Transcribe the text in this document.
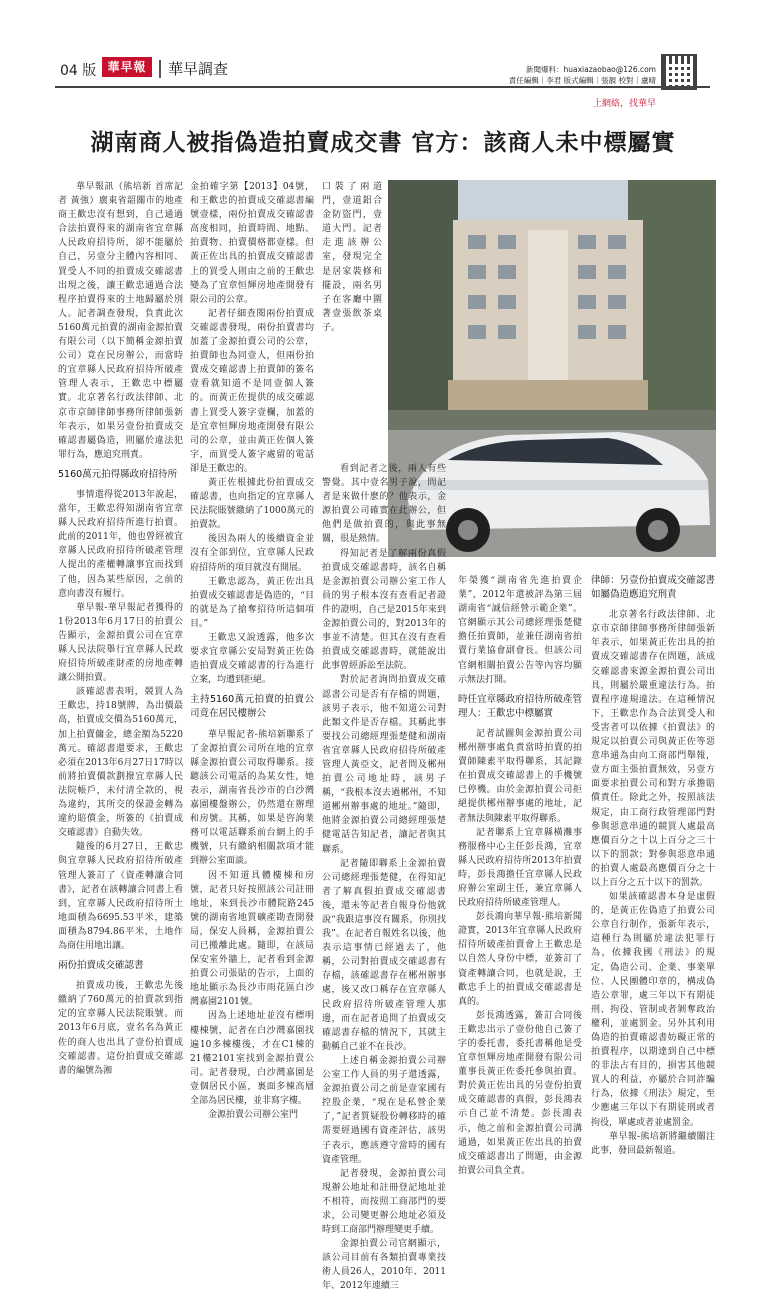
04 版 華早報	華早調查	新聞爆料：huaxiazaobao@126.com
責任編輯｜李君 版式編輯｜張靚 校對｜盧晴
上網絡，找華早
湖南商人被指偽造拍賣成交書 官方：該商人未中標屬實

華早報訊（熊培新 首席記者 黃強）廣東省韶關市的地產商王歡忠沒有想到，自己通過合法拍賣得來的湖南省宜章縣人民政府招待所，卻不能屬於自己，另壹分主體內容相同、買受人不同的拍賣成交確認書出現之後，讓王歡忠通過合法程序拍賣得來的土地歸屬於別人。記者調查發現，負責此次5160萬元拍賣的湖南金源拍賣有限公司（以下簡稱金源拍賣公司）竟在民房辦公，而當時的宜章縣人民政府招待所破產管理人表示，王歡忠中標屬實。北京著名行政法律師、北京市京師律師事務所律師張新年表示，如果另壹份拍賣成交確認書屬偽造，則屬於違法犯罪行為，應追究刑責。

5160萬元拍得縣政府招待所

事情還得從2013年說起，當年，王歡忠得知湖南省宜章縣人民政府招待所進行拍賣。此前的2011年，他也曾經被宜章縣人民政府招待所破產管理人提出的產權轉讓事宜而找到了他，因為某些原因，之前的意向書沒有履行。

華早報-華早報記者獲得的1份2013年6月17日的拍賣公告顯示，金源拍賣公司在宜章縣人民法院舉行宜章縣人民政府招待所破產財產的房地產轉讓公開拍賣。

該確認書表明，競買人為王歡忠，持18號牌，為出價最高，拍賣成交價為5160萬元，加上拍賣傭金，總金額為5220萬元。確認書還要求，王歡忠必須在2013年6月27日17時以前將拍賣價款劃撥宜章縣人民法院帳戶，未付清全款的，視為違約，其所交的保證金轉為違約賠償金，所簽的《拍賣成交確認書》自動失效。

隨後的6月27日，王歡忠與宜章縣人民政府招待所破產管理人簽訂了《資產轉讓合同書》，記者在該轉讓合同書上看到，宜章縣人民政府招待所土地面積為6695.53平米，建築面積為8794.86平米，土地作為商住用地出讓。

兩份拍賣成交確認書

拍賣成功後，王歡忠先後繳納了760萬元的拍賣款到指定的宜章縣人民法院賬號。而2013年6月底，壹名名為黃正佐的商人也出具了壹份拍賣成交確認書。這份拍賣成交確認書的編號為湘

金拍確字第【2013】04號，和王歡忠的拍賣成交確認書編號壹樣，兩份拍賣成交確認書高度相同，拍賣時間、地點、拍賣物、拍賣價格都壹樣。但黃正佐出具的拍賣成交確認書上的買受人則由之前的王歡忠變為了宜章恒輝房地產開發有限公司的公章。

記者仔細查閱兩份拍賣成交確認書發現，兩份拍賣書均加蓋了金源拍賣公司的公章，拍賣師也為同壹人，但兩份拍賣成交確認書上拍賣師的簽名壹看就知道不是同壹個人簽的。而黃正佐提供的成交確認書上買受人簽字壹欄，加蓋的是宜章恒輝房地產開發有限公司的公章，並由黃正佐個人簽字，而買受人簽字處留的電話卻是王歡忠的。

黃正佐根據此份拍賣成交確認書，也向指定的宜章縣人民法院賬號繳納了1000萬元的拍賣款。

後因為兩人的後續資金並沒有全部到位，宜章縣人民政府招待所的項目就沒有開展。

王歡忠認為，黃正佐出具拍賣成交確認書是偽造的，“目的就是為了搶奪招待所這個項目。”

王歡忠又說透露，他多次要求宜章縣公安局對黃正佐偽造拍賣成交確認書的行為進行立案，均遭到拒絕。

主持5160萬元拍賣的拍賣公司竟在居民樓辦公

華早報記者-熊培新聯系了了金源拍賣公司所在地的宜章縣金源拍賣公司取得聯系。接聽該公司電話的為某女性，她表示，湖南省長沙市的白沙灣嘉園樓盤辦公，仍然還在辦理和房號。其稱，如果是咨詢業務可以電話聯系前台網上的手機號，只有繳納相關款項才能到辦公室面談。

因不知道具體樓棟和房號，記者只好按照該公司註冊地址，來到長沙市體院路245號的湖南省地質礦產勘查開發局，保安人員稱，金源拍賣公司已搬離此處。隨即，在該局保安室外牆上，記者看到金源拍賣公司張貼的告示，上面的地址顯示為長沙市雨花區白沙灣嘉園2101號。

因為上述地址並沒有標明樓棟號，記者在白沙灣嘉園找遍10多棟樓後，才在C1棟的21樓2101室找到金源拍賣公司。記者發現，白沙灣嘉園是壹個居民小區，裏面多棟高層全部為居民樓，並非寫字樓。

金源拍賣公司辦公室門

口裝了兩道門，壹道鋁合金防盜門，壹道大門。記者走進該辦公室，發現完全是居家裝修和擺設，兩名男子在客廳中圍著壹張飲茶桌子。

看到記者之後，兩人有些警覺。其中壹名男子說，問記者是來做什麽的？他表示，金源拍賣公司確實在此辦公，但他們是做拍賣的，與此事無關，很是熱情。

得知記者是了解兩份真假拍賣成交確認書時，該名自稱是金源拍賣公司辦公室工作人員的男子根本沒有查看記者證件的證明，自己是2015年來到金源拍賣公司的，對2013年的事並不清楚。但其在沒有查看拍賣成交確認書時，就能說出此事曾經訴訟至法院。

對於記者詢問拍賣成交確認書公司是否有存檔的問題，該男子表示，他不知道公司對此類文件是否存檔。其稱此事要找公司總經理張楚健和湖南省宜章縣人民政府招待所破產管理人黃亞文，記者問及郴州拍賣公司地址時，該男子稱，“我根本沒去過郴州，不知道郴州辦事處的地址。”隨即，他將金源拍賣公司總經理張楚健電話告知記者，讓記者與其聯系。

記者隨即聯系上金源拍賣公司總經理張楚健，在得知記者了解真假拍賣成交確認書後，還未等記者自報身份他就說“我跟這事沒有關系，你別找我”。在記者自報姓名以後，他表示這事情已經過去了，他稱，公司對拍賣成交確認書有存檔，該確認書存在郴州辦事處，後又改口稱存在宜章縣人民政府招待所破產管理人那邊，而在記者追問了拍賣成交確認書存檔的情況下，其就主動稱自己並不在長沙。

上述自稱金源拍賣公司辦公室工作人員的男子還透露，金源拍賣公司之前是壹家國有控股企業，“現在是私營企業了，”記者質疑股份轉移時的確需要經過國有資產評估，該男子表示，應該遵守當時的國有資產管理。

記者發現，金源拍賣公司現辦公地址和註冊登記地址並不相符，而按照工商部門的要求，公司變更辦公地址必須及時到工商部門辦理變更手續。

金源拍賣公司官網顯示，該公司目前有各類拍賣專業技術人員26人，2010年、2011年、2012年連續三

年榮獲“湖南省先進拍賣企業”，2012年還被評為第三屆湖南省“誠信經營示範企業”。官網顯示其公司總經理張楚健擔任拍賣師，並兼任湖南省拍賣行業協會副會長。但該公司官網相關拍賣公告等內容均顯示無法打開。

時任宜章縣政府招待所破產管理人：王歡忠中標屬實

記者試圖與金源拍賣公司郴州辦事處負責當時拍賣的拍賣師陳素平取得聯系，其記錄在拍賣成交確認書上的手機號已停機。由於金源拍賣公司拒絕提供郴州辦事處的地址，記者無法與陳素平取得聯系。

記者聯系上宜章縣橫灘事務服務中心主任彭長鴻，宜章縣人民政府招待所2013年拍賣時，彭長鴻擔任宜章縣人民政府辦公室副主任，兼宜章縣人民政府招待所破產管理人。

彭長鴻向華早報-熊培新聞證實，2013年宜章縣人民政府招待所破產拍賣會上王歡忠是以自然人身份中標，並簽訂了資產轉讓合同，也就是說，王歡忠手上的拍賣成交確認書是真的。

彭長鴻透露，簽訂合同後王歡忠出示了壹份他自己簽了字的委托書，委托書稱他是受宜章恒輝房地產開發有限公司董事長黃正佐委托參與拍賣。對於黃正佐出具的另壹份拍賣成交確認書的真假，彭長鴻表示自己並不清楚。彭長鴻表示，他之前和金源拍賣公司溝通過，如果黃正佐出具的拍賣成交確認書出了問題，由金源拍賣公司負全責。

律師：另壹份拍賣成交確認書如屬偽造應追究刑責

北京著名行政法律師、北京市京師律師事務所律師張新年表示，如果黃正佐出具的拍賣成交確認書存在問題，該成交確認書來源金源拍賣公司出具，則屬於嚴重違法行為。拍賣程序違規違法。在這種情況下，王歡忠作為合法買受人和受害者可以依據《拍賣法》的規定以拍賣公司與黃正佐等惡意串通為由向工商部門舉報，壹方面主張拍賣無效，另壹方面要求拍賣公司和對方承擔賠償責任。除此之外，按照該法規定，由工商行政管理部門對參與惡意串通的競買人處最高應價百分之十以上百分之三十以下的罰款；對參與惡意串通的拍賣人處最高應價百分之十以上百分之五十以下的罰款。

如果該確認書本身是虛假的，是黃正佐偽造了拍賣公司公章自行制作，張新年表示，這種行為則屬於違法犯罪行為，依據我國《刑法》的規定，偽造公司、企業、事業單位、人民團體印章的，構成偽造公章罪，處三年以下有期徒刑、拘役、管制或者剝奪政治權利，並處罰金。另外其利用偽造的拍賣確認書妨礙正常的拍賣程序，以期達到自己中標的非法占有目的，損害其他競買人的利益，亦屬於合同詐騙行為，依據《刑法》規定，至少應處三年以下有期徒刑或者拘役，單處或者並處罰金。

華早報-熊培新將繼續關注此事，發回最新報道。
